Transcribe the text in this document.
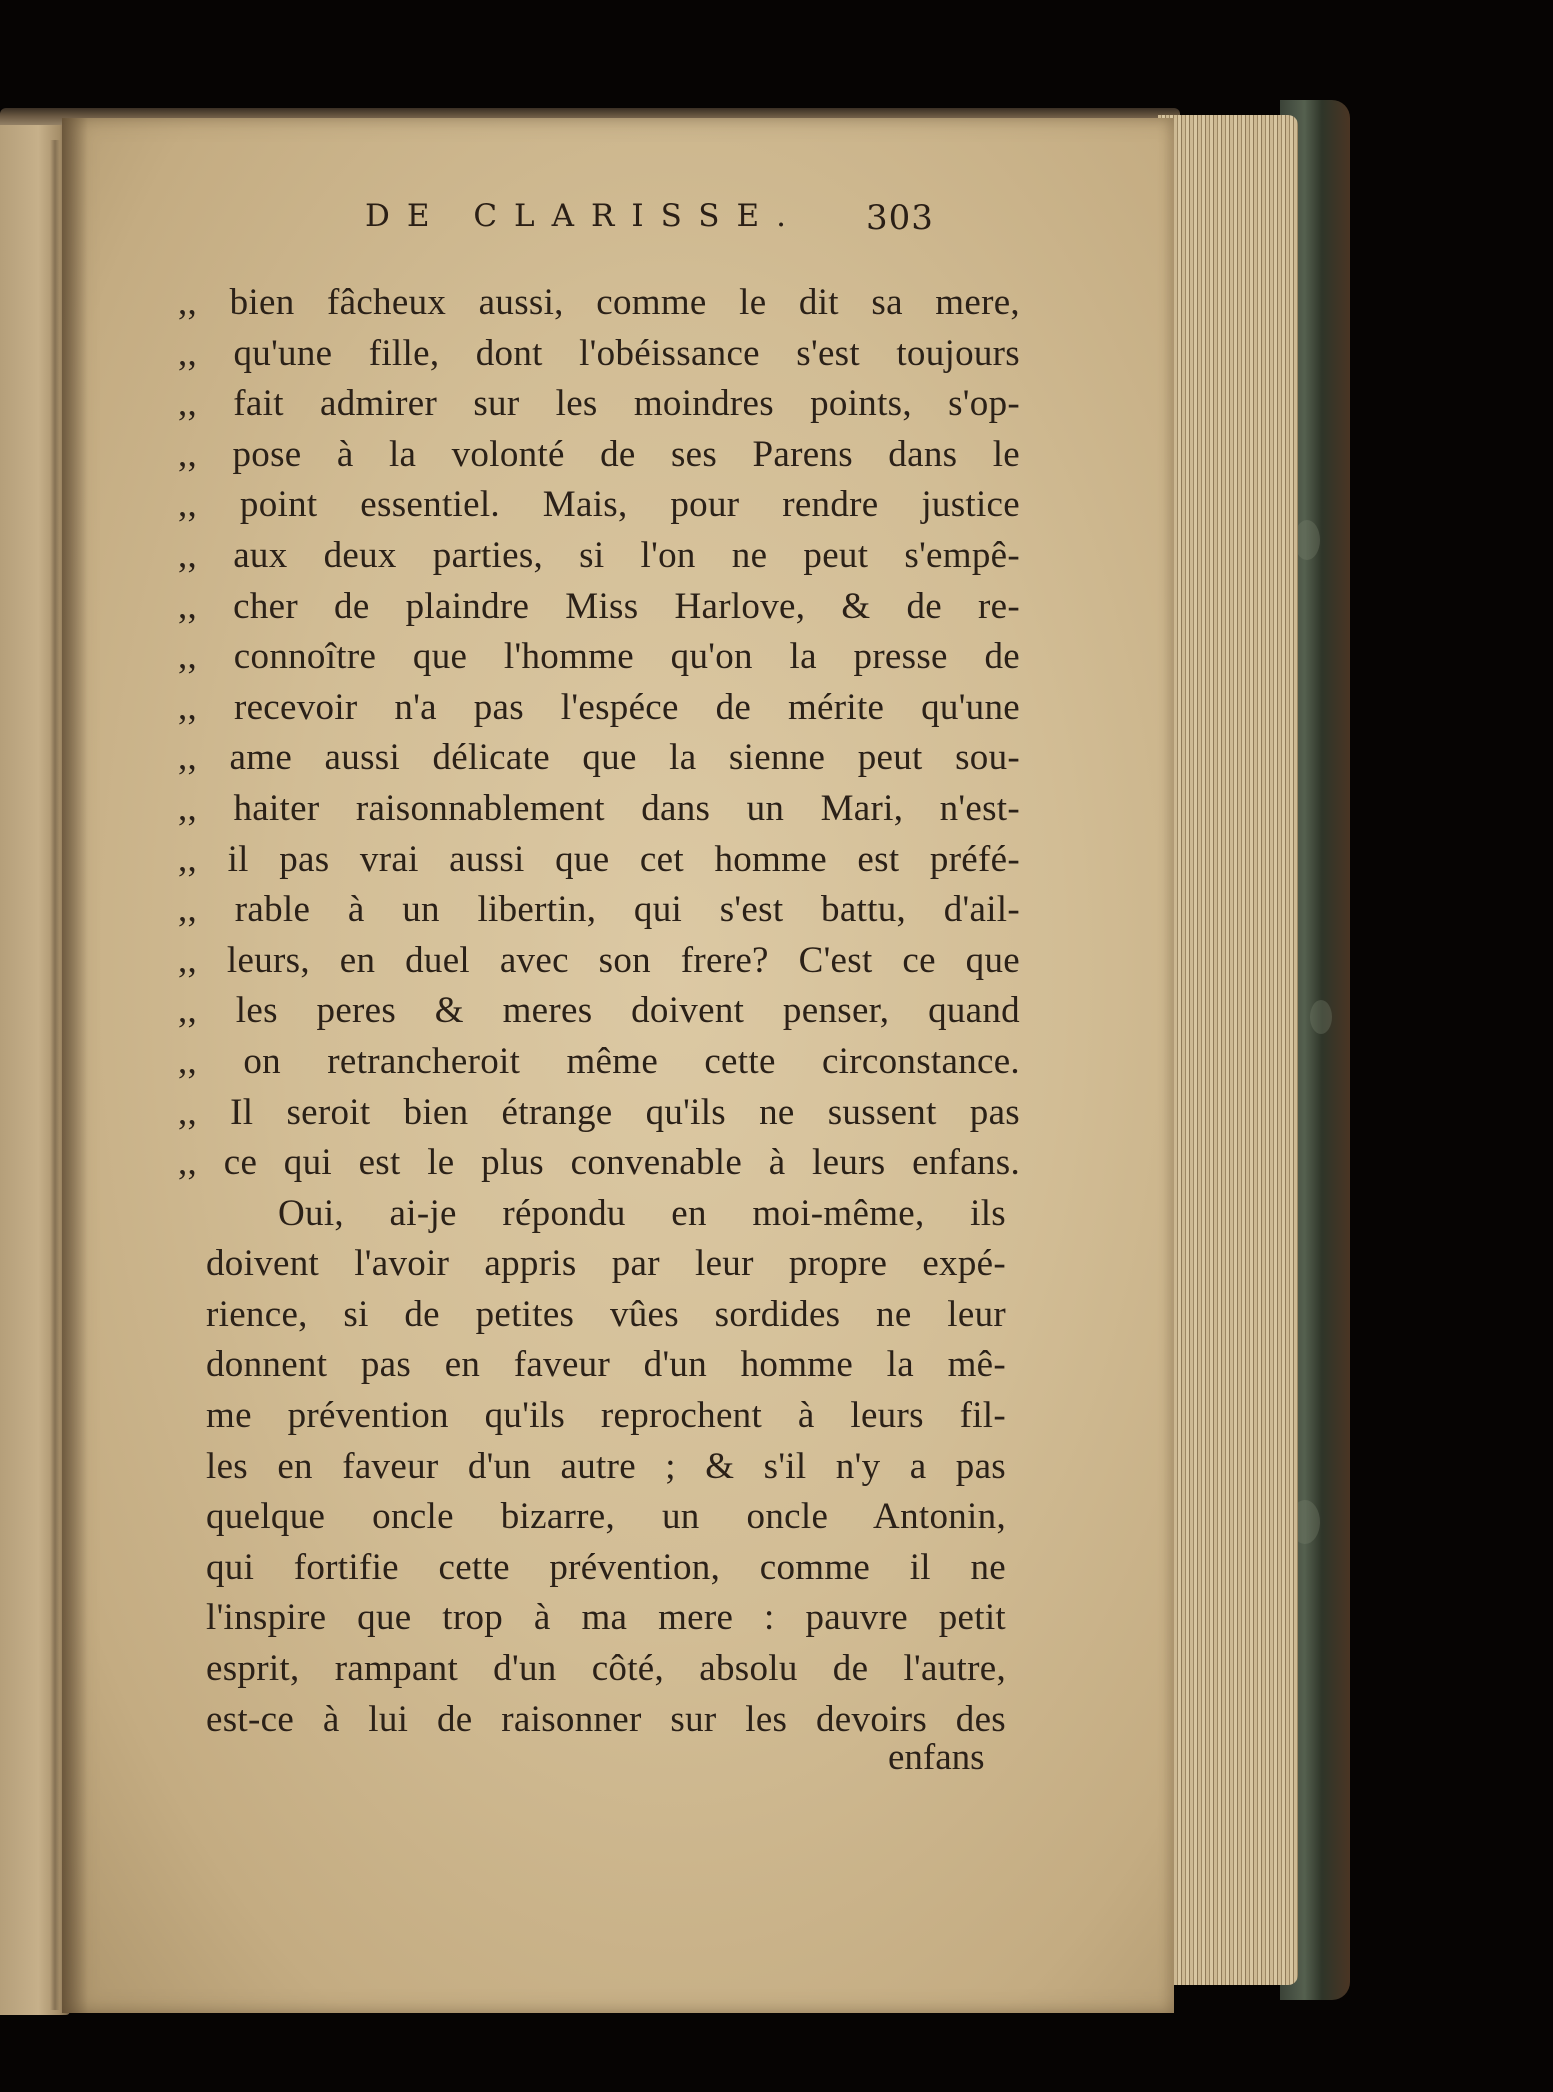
DE CLARISSE. 303
,, bien fâcheux aussi, comme le dit sa mere,
,, qu'une fille, dont l'obéissance s'est toujours
,, fait admirer sur les moindres points, s'op-
,, pose à la volonté de ses Parens dans le
,, point essentiel. Mais, pour rendre justice
,, aux deux parties, si l'on ne peut s'empê-
,, cher de plaindre Miss Harlove, & de re-
,, connoître que l'homme qu'on la presse de
,, recevoir n'a pas l'espéce de mérite qu'une
,, ame aussi délicate que la sienne peut sou-
,, haiter raisonnablement dans un Mari, n'est-
,, il pas vrai aussi que cet homme est préfé-
,, rable à un libertin, qui s'est battu, d'ail-
,, leurs, en duel avec son frere? C'est ce que
,, les peres & meres doivent penser, quand
,, on retrancheroit même cette circonstance.
,, Il seroit bien étrange qu'ils ne sussent pas
,, ce qui est le plus convenable à leurs enfans.
Oui, ai-je répondu en moi-même, ils
doivent l'avoir appris par leur propre expé-
rience, si de petites vûes sordides ne leur
donnent pas en faveur d'un homme la mê-
me prévention qu'ils reprochent à leurs fil-
les en faveur d'un autre ; & s'il n'y a pas
quelque oncle bizarre, un oncle Antonin,
qui fortifie cette prévention, comme il ne
l'inspire que trop à ma mere : pauvre petit
esprit, rampant d'un côté, absolu de l'autre,
est-ce à lui de raisonner sur les devoirs des
enfans
